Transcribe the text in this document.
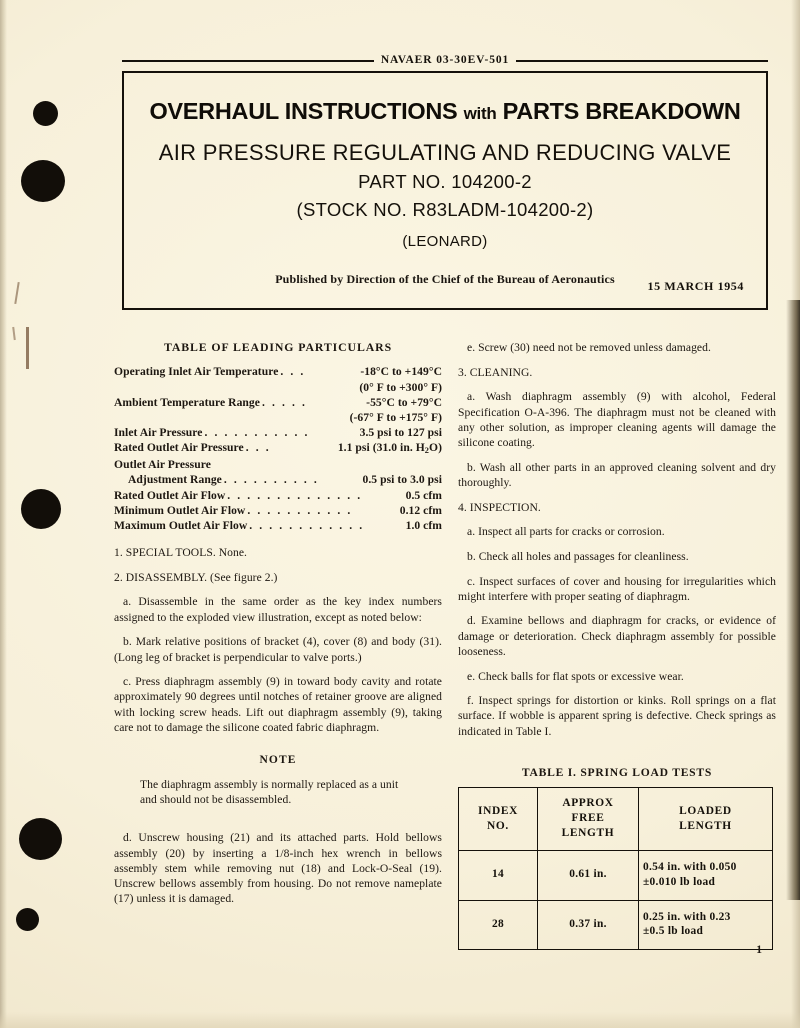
NAVAER 03-30EV-501
OVERHAUL INSTRUCTIONS with PARTS BREAKDOWN
AIR PRESSURE REGULATING AND REDUCING VALVE
PART NO. 104200-2
(STOCK NO. R83LADM-104200-2)
(LEONARD)
Published by Direction of the Chief of the Bureau of Aeronautics	15 MARCH 1954
TABLE OF LEADING PARTICULARS
Operating Inlet Air Temperature . . .	-18°C to +149°C
(0° F to +300° F)
Ambient Temperature Range . . . . .	-55°C to +79°C
(-67° F to +175° F)
Inlet Air Pressure . . . . . . . . . . .	3.5 psi to 127 psi
Rated Outlet Air Pressure . . .	1.1 psi (31.0 in. $H_2O$)
Outlet Air Pressure
Adjustment Range . . . . . . . . . .	0.5 psi to 3.0 psi
Rated Outlet Air Flow . . . . . . . . . . . . . .	0.5 cfm
Minimum Outlet Air Flow . . . . . . . . . . .	0.12 cfm
Maximum Outlet Air Flow . . . . . . . . . . . .	1.0 cfm

1. SPECIAL TOOLS. None.

2. DISASSEMBLY. (See figure 2.)

a. Disassemble in the same order as the key index numbers assigned to the exploded view illustration, except as noted below:

b. Mark relative positions of bracket (4), cover (8) and body (31). (Long leg of bracket is perpendicular to valve ports.)

c. Press diaphragm assembly (9) in toward body cavity and rotate approximately 90 degrees until notches of retainer groove are aligned with locking screw heads. Lift out diaphragm assembly (9), taking care not to damage the silicone coated fabric diaphragm.

NOTE

The diaphragm assembly is normally replaced as a unit and should not be disassembled.

d. Unscrew housing (21) and its attached parts. Hold bellows assembly (20) by inserting a 1/8-inch hex wrench in bellows assembly stem while removing nut (18) and Lock-O-Seal (19). Unscrew bellows assembly from housing. Do not remove nameplate (17) unless it is damaged.

e. Screw (30) need not be removed unless damaged.

3. CLEANING.

a. Wash diaphragm assembly (9) with alcohol, Federal Specification O-A-396. The diaphragm must not be cleaned with any other solution, as improper cleaning agents will damage the silicone coating.

b. Wash all other parts in an approved cleaning solvent and dry thoroughly.

4. INSPECTION.

a. Inspect all parts for cracks or corrosion.

b. Check all holes and passages for cleanliness.

c. Inspect surfaces of cover and housing for irregularities which might interfere with proper seating of diaphragm.

d. Examine bellows and diaphragm for cracks, or evidence of damage or deterioration. Check diaphragm assembly for possible looseness.

e. Check balls for flat spots or excessive wear.

f. Inspect springs for distortion or kinks. Roll springs on a flat surface. If wobble is apparent spring is defective. Check springs as indicated in Table I.

TABLE I. SPRING LOAD TESTS
INDEX
NO.	APPROX
FREE
LENGTH	LOADED
LENGTH
14	0.61 in.	0.54 in. with 0.050
±0.010 lb load
28	0.37 in.	0.25 in. with 0.23
±0.5 lb load
1
